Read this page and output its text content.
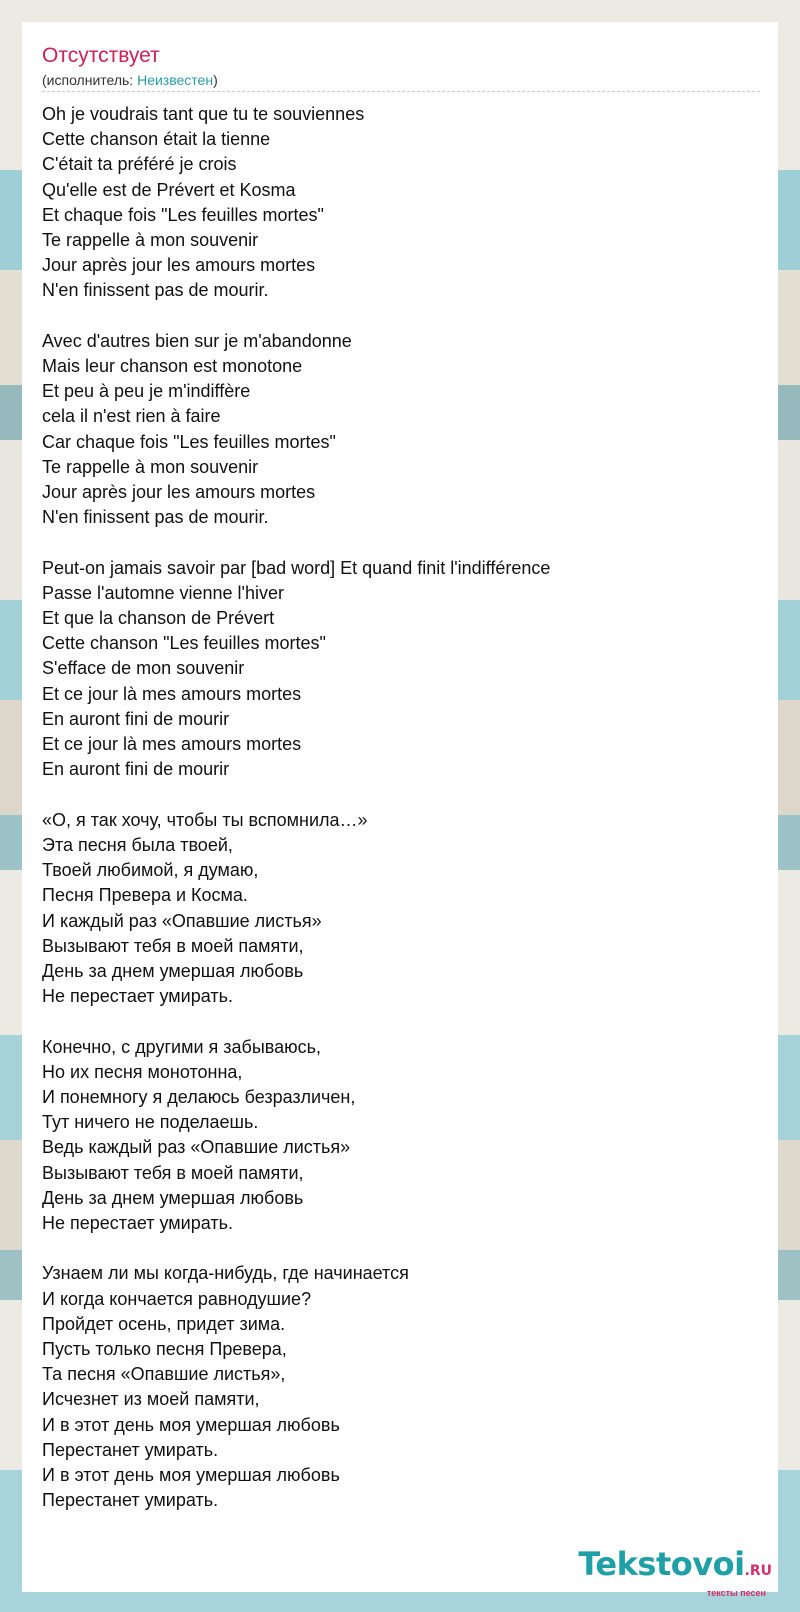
Отсутствует
(исполнитель: Неизвестен)
Oh je voudrais tant que tu te souviennes
Cette chanson était la tienne
C'était ta préféré je crois
Qu'elle est de Prévert et Kosma
Et chaque fois "Les feuilles mortes"
Te rappelle à mon souvenir
Jour après jour les amours mortes
N'en finissent pas de mourir.

Avec d'autres bien sur je m'abandonne
Mais leur chanson est monotone
Et peu à peu je m'indiffère
cela il n'est rien à faire
Car chaque fois "Les feuilles mortes"
Te rappelle à mon souvenir
Jour après jour les amours mortes
N'en finissent pas de mourir.

Peut-on jamais savoir par [bad word] Et quand finit l'indifférence
Passe l'automne vienne l'hiver
Et que la chanson de Prévert
Cette chanson "Les feuilles mortes"
S'efface de mon souvenir
Et ce jour là mes amours mortes
En auront fini de mourir
Et ce jour là mes amours mortes
En auront fini de mourir

«О, я так хочу, чтобы ты вспомнила…»
Эта песня была твоей,
Твоей любимой, я думаю,
Песня Превера и Косма.
И каждый раз «Опавшие листья»
Вызывают тебя в моей памяти,
День за днем умершая любовь
Не перестает умирать.

Конечно, с другими я забываюсь,
Но их песня монотонна,
И понемногу я делаюсь безразличен,
Тут ничего не поделаешь.
Ведь каждый раз «Опавшие листья»
Вызывают тебя в моей памяти,
День за днем умершая любовь
Не перестает умирать.

Узнаем ли мы когда-нибудь, где начинается
И когда кончается равнодушие?
Пройдет осень, придет зима.
Пусть только песня Превера,
Та песня «Опавшие листья»,
Исчезнет из моей памяти,
И в этот день моя умершая любовь
Перестанет умирать.
И в этот день моя умершая любовь
Перестанет умирать.
Tekstovoi.RU
тексты песен
